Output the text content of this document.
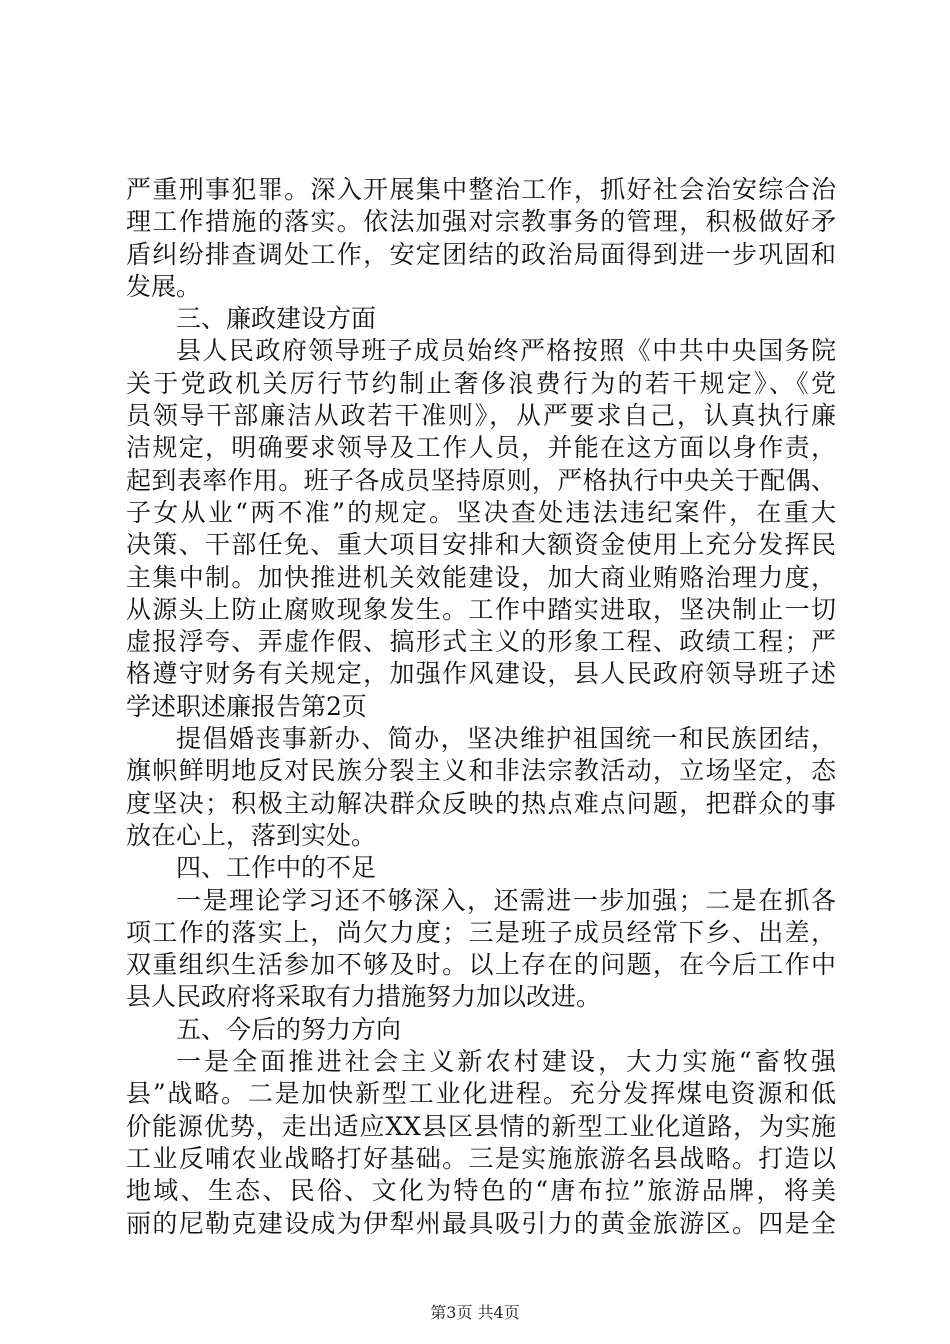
严重刑事犯罪。深入开展集中整治工作，抓好社会治安综合治
理工作措施的落实。依法加强对宗教事务的管理，积极做好矛
盾纠纷排查调处工作，安定团结的政治局面得到进一步巩固和
发展。
三、廉政建设方面
县人民政府领导班子成员始终严格按照《中共中央国务院
关于党政机关厉行节约制止奢侈浪费行为的若干规定》、《党
员领导干部廉洁从政若干准则》，从严要求自己，认真执行廉
洁规定，明确要求领导及工作人员，并能在这方面以身作责，
起到表率作用。班子各成员坚持原则，严格执行中央关于配偶、
子女从业“两不准”的规定。坚决查处违法违纪案件，在重大
决策、干部任免、重大项目安排和大额资金使用上充分发挥民
主集中制。加快推进机关效能建设，加大商业贿赂治理力度，
从源头上防止腐败现象发生。工作中踏实进取，坚决制止一切
虚报浮夸、弄虚作假、搞形式主义的形象工程、政绩工程；严
格遵守财务有关规定，加强作风建设，县人民政府领导班子述
学述职述廉报告第2页
提倡婚丧事新办、简办，坚决维护祖国统一和民族团结，
旗帜鲜明地反对民族分裂主义和非法宗教活动，立场坚定，态
度坚决；积极主动解决群众反映的热点难点问题，把群众的事
放在心上，落到实处。
四、工作中的不足
一是理论学习还不够深入，还需进一步加强；二是在抓各
项工作的落实上，尚欠力度；三是班子成员经常下乡、出差，
双重组织生活参加不够及时。以上存在的问题，在今后工作中
县人民政府将采取有力措施努力加以改进。
五、今后的努力方向
一是全面推进社会主义新农村建设，大力实施“畜牧强
县”战略。二是加快新型工业化进程。充分发挥煤电资源和低
价能源优势，走出适应XX县区县情的新型工业化道路，为实施
工业反哺农业战略打好基础。三是实施旅游名县战略。打造以
地域、生态、民俗、文化为特色的“唐布拉”旅游品牌，将美
丽的尼勒克建设成为伊犁州最具吸引力的黄金旅游区。四是全
第3页 共4页
